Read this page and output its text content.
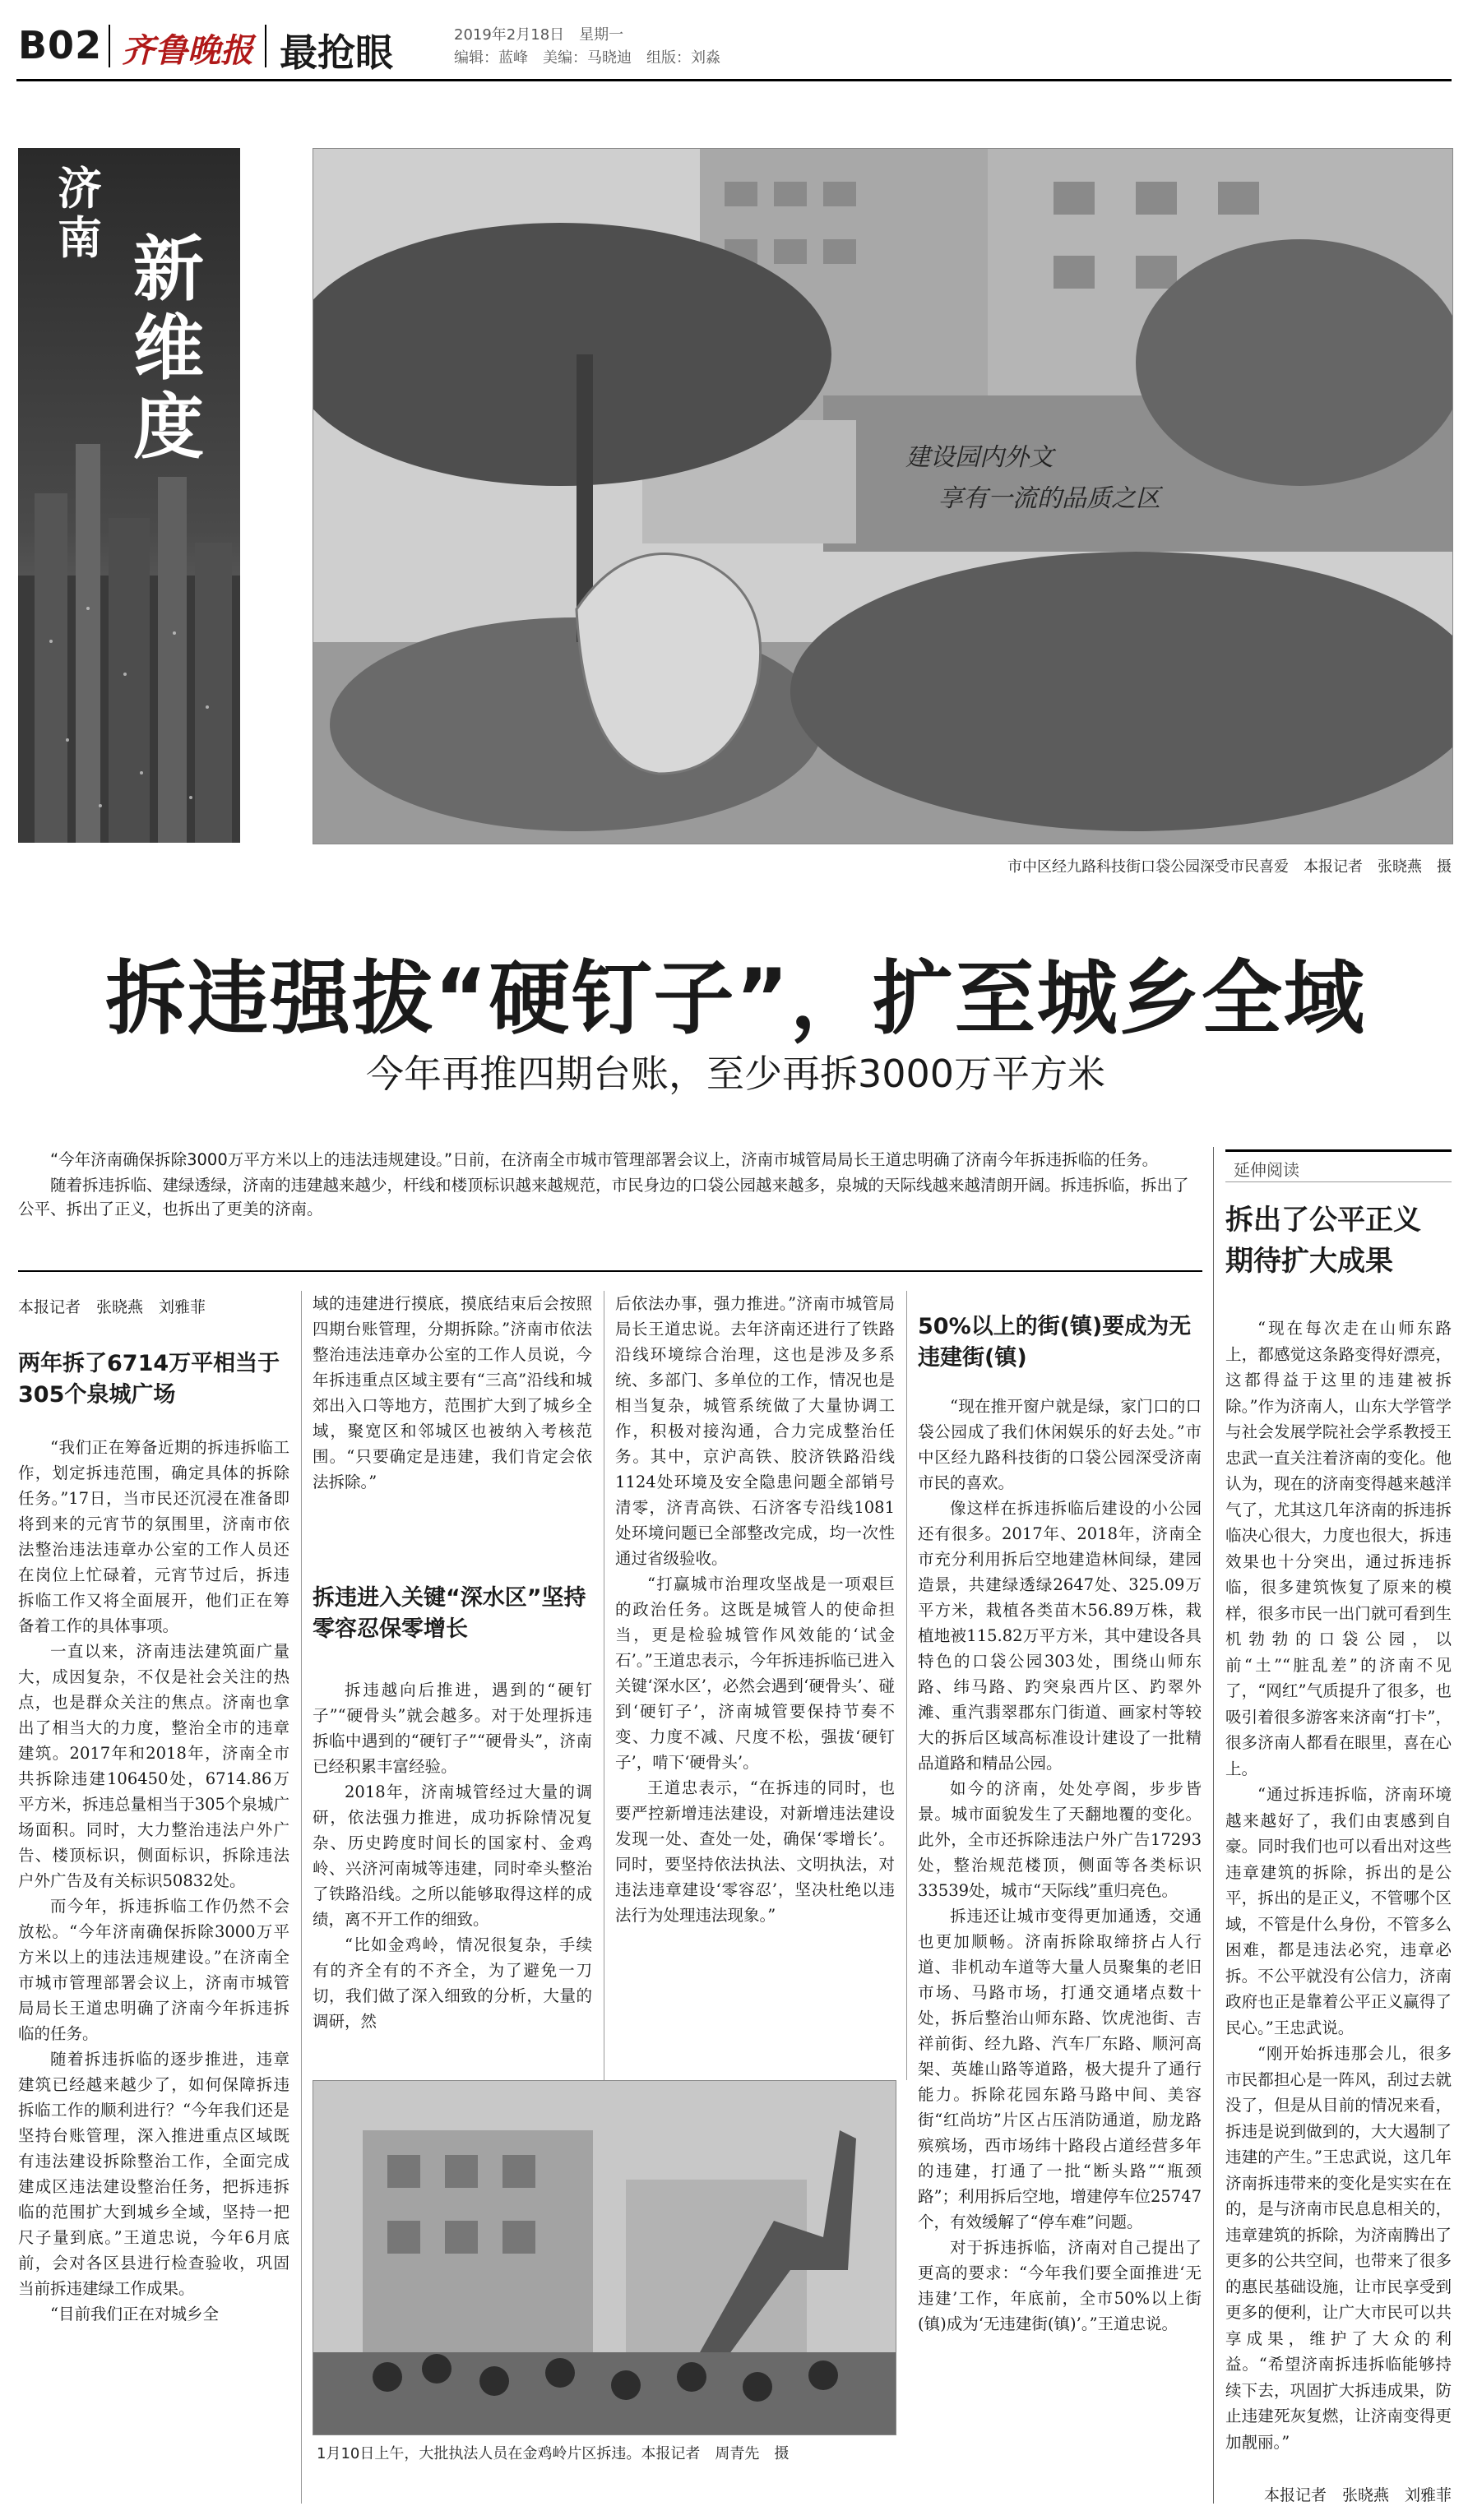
B02 齐鲁晚报 最抢眼	2019年2月18日　星期一
编辑：蓝峰　美编：马晓迪　组版：刘淼
济南 新维度	建设园内外文
享有一流的品质之区
市中区经九路科技街口袋公园深受市民喜爱　本报记者　张晓燕　摄
拆违强拔“硬钉子”，扩至城乡全域
今年再推四期台账，至少再拆3000万平方米

“今年济南确保拆除3000万平方米以上的违法违规建设。”日前，在济南全市城市管理部署会议上，济南市城管局局长王道忠明确了济南今年拆违拆临的任务。

随着拆违拆临、建绿透绿，济南的违建越来越少，杆线和楼顶标识越来越规范，市民身边的口袋公园越来越多，泉城的天际线越来越清朗开阔。拆违拆临，拆出了公平、拆出了正义，也拆出了更美的济南。

本报记者　张晓燕　刘雅菲
两年拆了6714万平相当于305个泉城广场

“我们正在筹备近期的拆违拆临工作，划定拆违范围，确定具体的拆除任务。”17日，当市民还沉浸在准备即将到来的元宵节的氛围里，济南市依法整治违法违章办公室的工作人员还在岗位上忙碌着，元宵节过后，拆违拆临工作又将全面展开，他们正在筹备着工作的具体事项。

一直以来，济南违法建筑面广量大，成因复杂，不仅是社会关注的热点，也是群众关注的焦点。济南也拿出了相当大的力度，整治全市的违章建筑。2017年和2018年，济南全市共拆除违建106450处，6714.86万平方米，拆违总量相当于305个泉城广场面积。同时，大力整治违法户外广告、楼顶标识，侧面标识，拆除违法户外广告及有关标识50832处。

而今年，拆违拆临工作仍然不会放松。“今年济南确保拆除3000万平方米以上的违法违规建设。”在济南全市城市管理部署会议上，济南市城管局局长王道忠明确了济南今年拆违拆临的任务。

随着拆违拆临的逐步推进，违章建筑已经越来越少了，如何保障拆违拆临工作的顺利进行？“今年我们还是坚持台账管理，深入推进重点区域既有违法建设拆除整治工作，全面完成建成区违法建设整治任务，把拆违拆临的范围扩大到城乡全域，坚持一把尺子量到底。”王道忠说，今年6月底前，会对各区县进行检查验收，巩固当前拆违建绿工作成果。

“目前我们正在对城乡全

域的违建进行摸底，摸底结束后会按照四期台账管理，分期拆除。”济南市依法整治违法违章办公室的工作人员说，今年拆违重点区域主要有“三高”沿线和城郊出入口等地方，范围扩大到了城乡全域，聚宽区和邻城区也被纳入考核范围。“只要确定是违建，我们肯定会依法拆除。”

拆违进入关键“深水区”坚持零容忍保零增长

拆违越向后推进，遇到的“硬钉子”“硬骨头”就会越多。对于处理拆违拆临中遇到的“硬钉子”“硬骨头”，济南已经积累丰富经验。

2018年，济南城管经过大量的调研，依法强力推进，成功拆除情况复杂、历史跨度时间长的国家村、金鸡岭、兴济河南城等违建，同时牵头整治了铁路沿线。之所以能够取得这样的成绩，离不开工作的细致。

“比如金鸡岭，情况很复杂，手续有的齐全有的不齐全，为了避免一刀切，我们做了深入细致的分析，大量的调研，然

后依法办事，强力推进。”济南市城管局局长王道忠说。去年济南还进行了铁路沿线环境综合治理，这也是涉及多系统、多部门、多单位的工作，情况也是相当复杂，城管系统做了大量协调工作，积极对接沟通，合力完成整治任务。其中，京沪高铁、胶济铁路沿线1124处环境及安全隐患问题全部销号清零，济青高铁、石济客专沿线1081处环境问题已全部整改完成，均一次性通过省级验收。

“打赢城市治理攻坚战是一项艰巨的政治任务。这既是城管人的使命担当，更是检验城管作风效能的‘试金石’。”王道忠表示，今年拆违拆临已进入关键‘深水区’，必然会遇到‘硬骨头’、碰到‘硬钉子’，济南城管要保持节奏不变、力度不减、尺度不松，强拔‘硬钉子’，啃下‘硬骨头’。

王道忠表示，“在拆违的同时，也要严控新增违法建设，对新增违法建设发现一处、查处一处，确保‘零增长’。同时，要坚持依法执法、文明执法，对违法违章建设‘零容忍’，坚决杜绝以违法行为处理违法现象。”

1月10日上午，大批执法人员在金鸡岭片区拆违。本报记者　周青先　摄
50%以上的街(镇)要成为无违建街(镇)

“现在推开窗户就是绿，家门口的口袋公园成了我们休闲娱乐的好去处。”市中区经九路科技街的口袋公园深受济南市民的喜欢。

像这样在拆违拆临后建设的小公园还有很多。2017年、2018年，济南全市充分利用拆后空地建造林间绿，建园造景，共建绿透绿2647处、325.09万平方米，栽植各类苗木56.89万株，栽植地被115.82万平方米，其中建设各具特色的口袋公园303处，围绕山师东路、纬马路、趵突泉西片区、趵翠外滩、重汽翡翠郡东门街道、画家村等较大的拆后区域高标准设计建设了一批精品道路和精品公园。

如今的济南，处处亭阁，步步皆景。城市面貌发生了天翻地覆的变化。此外，全市还拆除违法户外广告17293处，整治规范楼顶，侧面等各类标识33539处，城市“天际线”重归亮色。

拆违还让城市变得更加通透，交通也更加顺畅。济南拆除取缔挤占人行道、非机动车道等大量人员聚集的老旧市场、马路市场，打通交通堵点数十处，拆后整治山师东路、饮虎池街、吉祥前街、经九路、汽车厂东路、顺河高架、英雄山路等道路，极大提升了通行能力。拆除花园东路马路中间、美容街“红尚坊”片区占压消防通道，励龙路殡殡场，西市场纬十路段占道经营多年的违建，打通了一批“断头路”“瓶颈路”；利用拆后空地，增建停车位25747个，有效缓解了“停车难”问题。

对于拆违拆临，济南对自己提出了更高的要求：“今年我们要全面推进‘无违建’工作，年底前，全市50%以上街(镇)成为‘无违建街(镇)’。”王道忠说。

延伸阅读
拆出了公平正义
期待扩大成果

“现在每次走在山师东路上，都感觉这条路变得好漂亮，这都得益于这里的违建被拆除。”作为济南人，山东大学管学与社会发展学院社会学系教授王忠武一直关注着济南的变化。他认为，现在的济南变得越来越洋气了，尤其这几年济南的拆违拆临决心很大，力度也很大，拆违效果也十分突出，通过拆违拆临，很多建筑恢复了原来的模样，很多市民一出门就可看到生机勃勃的口袋公园，以前“土”“脏乱差”的济南不见了，“网红”气质提升了很多，也吸引着很多游客来济南“打卡”，很多济南人都看在眼里，喜在心上。

“通过拆违拆临，济南环境越来越好了，我们由衷感到自豪。同时我们也可以看出对这些违章建筑的拆除，拆出的是公平，拆出的是正义，不管哪个区域，不管是什么身份，不管多么困难，都是违法必究，违章必拆。不公平就没有公信力，济南政府也正是靠着公平正义赢得了民心。”王忠武说。

“刚开始拆违那会儿，很多市民都担心是一阵风，刮过去就没了，但是从目前的情况来看，拆违是说到做到的，大大遏制了违建的产生。”王忠武说，这几年济南拆违带来的变化是实实在在的，是与济南市民息息相关的，违章建筑的拆除，为济南腾出了更多的公共空间，也带来了很多的惠民基础设施，让市民享受到更多的便利，让广大市民可以共享成果，维护了大众的利益。“希望济南拆违拆临能够持续下去，巩固扩大拆违成果，防止违建死灰复燃，让济南变得更加靓丽。”

本报记者　张晓燕　刘雅菲
